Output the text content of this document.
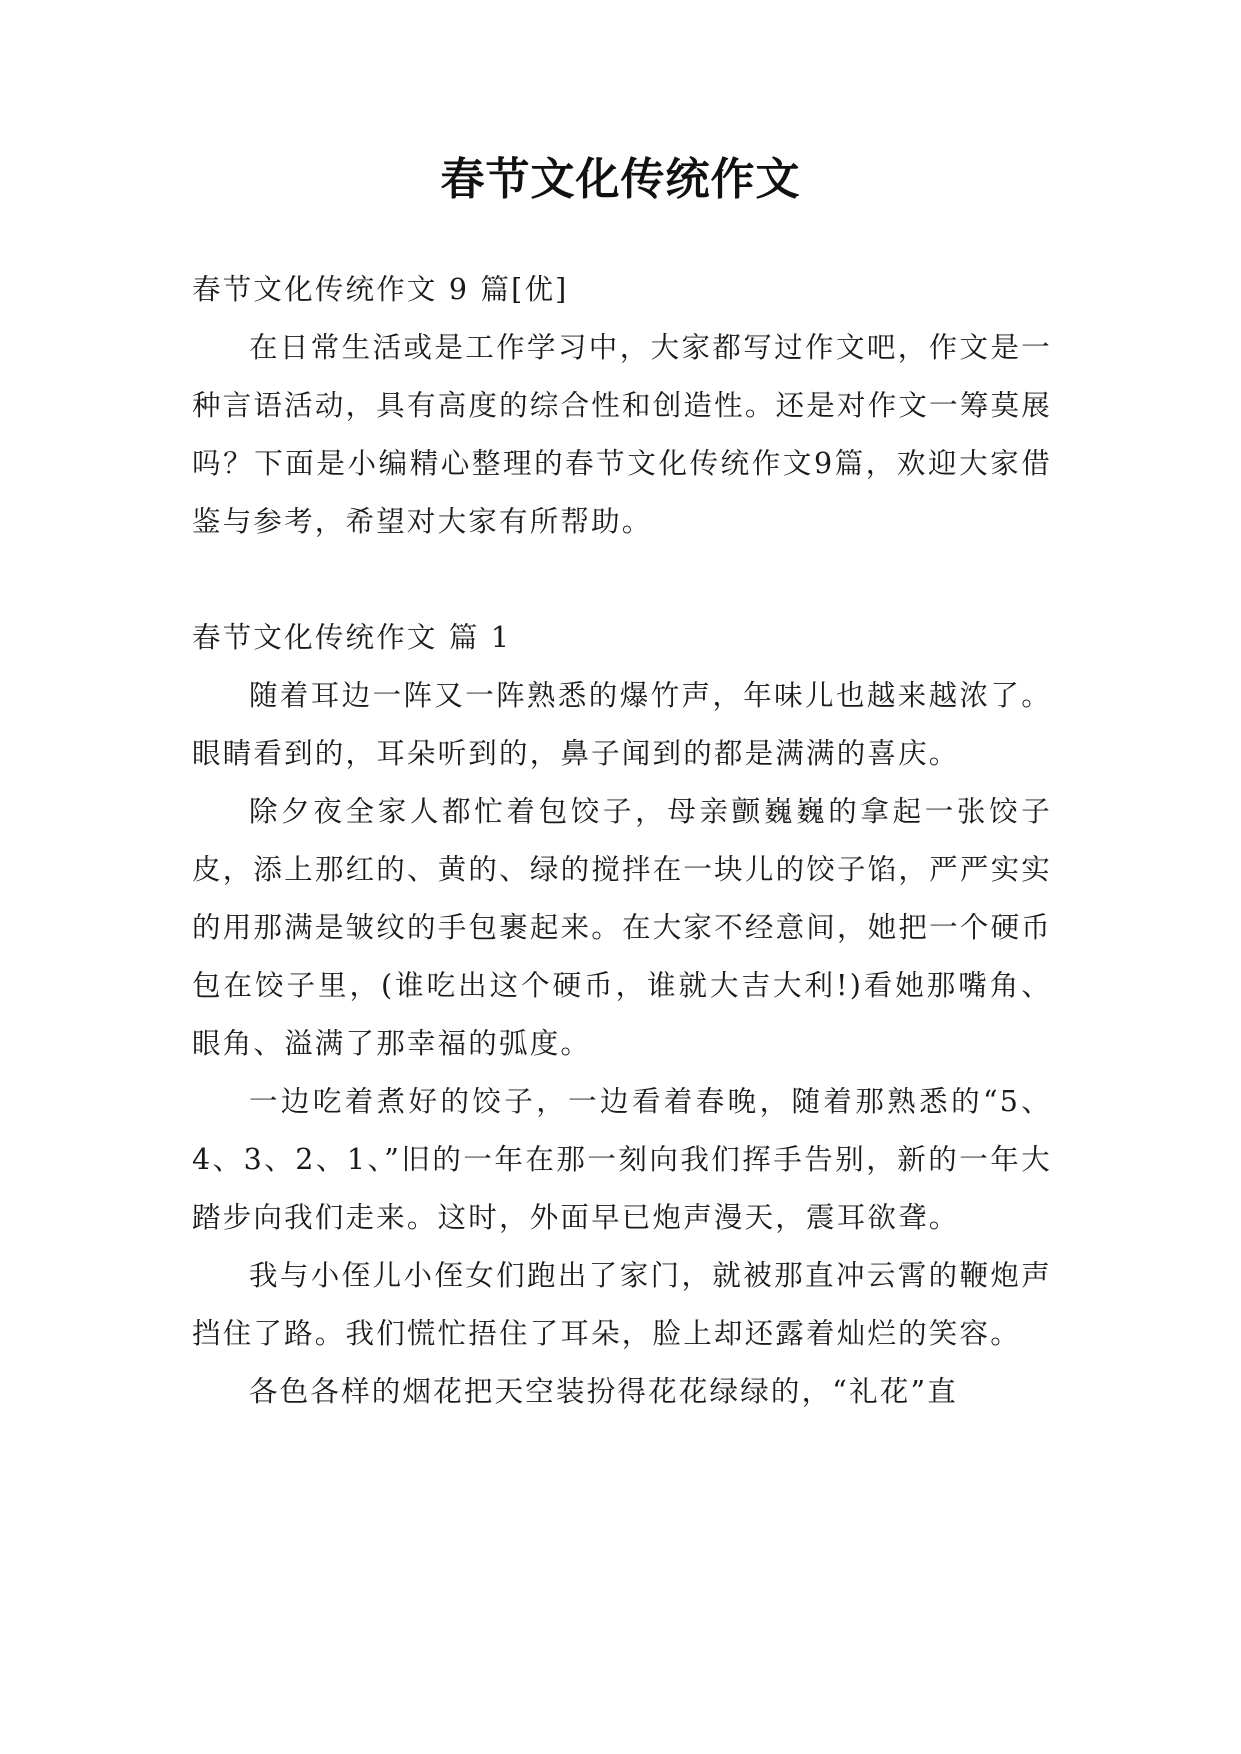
春节文化传统作文

春节文化传统作文 9 篇[优]

在日常生活或是工作学习中，大家都写过作文吧，作文是一种言语活动，具有高度的综合性和创造性。还是对作文一筹莫展吗？下面是小编精心整理的春节文化传统作文9篇，欢迎大家借鉴与参考，希望对大家有所帮助。

春节文化传统作文 篇 1

随着耳边一阵又一阵熟悉的爆竹声，年味儿也越来越浓了。眼睛看到的，耳朵听到的，鼻子闻到的都是满满的喜庆。

除夕夜全家人都忙着包饺子，母亲颤巍巍的拿起一张饺子皮，添上那红的、黄的、绿的搅拌在一块儿的饺子馅，严严实实的用那满是皱纹的手包裹起来。在大家不经意间，她把一个硬币包在饺子里，(谁吃出这个硬币，谁就大吉大利!)看她那嘴角、眼角、溢满了那幸福的弧度。

一边吃着煮好的饺子，一边看着春晚，随着那熟悉的“5、4、3、2、1、”旧的一年在那一刻向我们挥手告别，新的一年大踏步向我们走来。这时，外面早已炮声漫天，震耳欲聋。

我与小侄儿小侄女们跑出了家门，就被那直冲云霄的鞭炮声挡住了路。我们慌忙捂住了耳朵，脸上却还露着灿烂的笑容。

各色各样的烟花把天空装扮得花花绿绿的，“礼花”直
